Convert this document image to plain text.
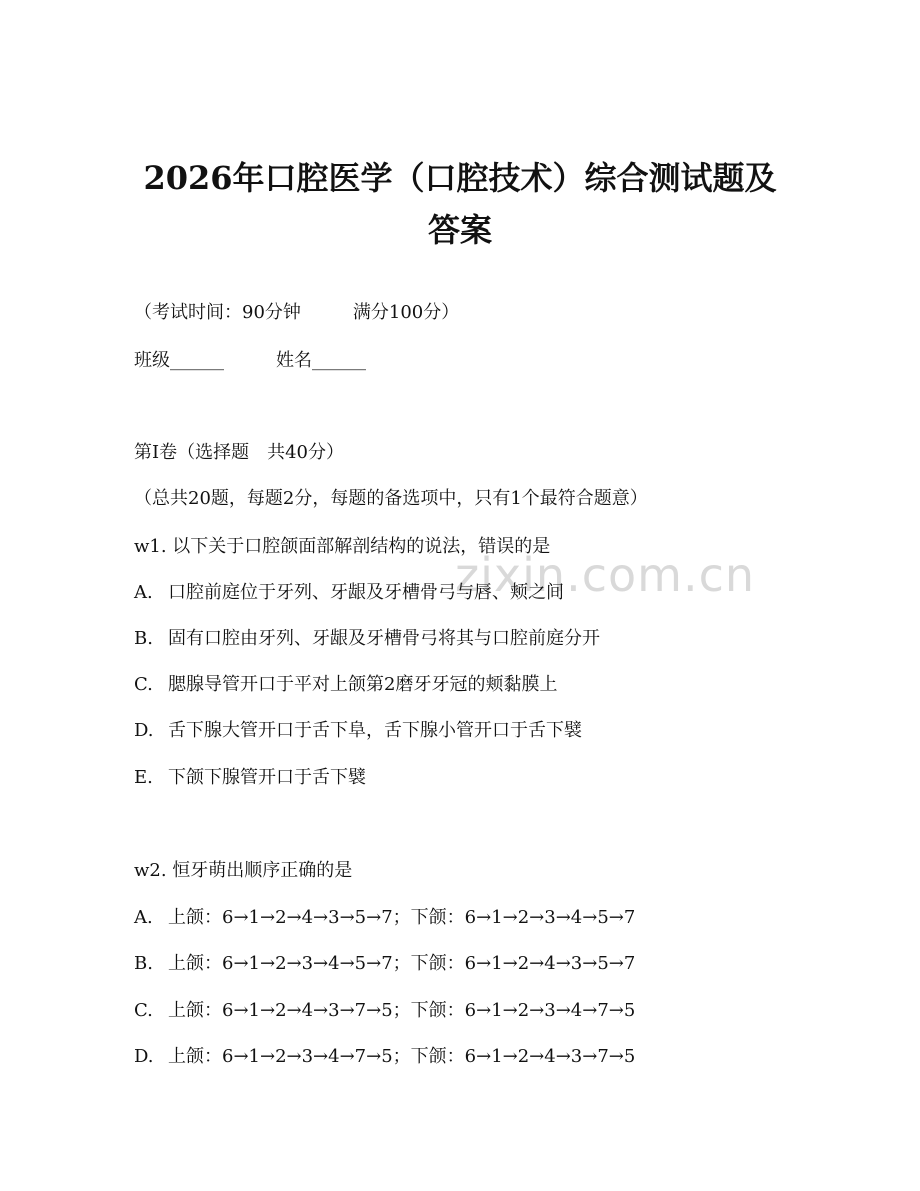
zixin.com.cn
2026年口腔医学（口腔技术）综合测试题及
答案
（考试时间：90分钟	满分100分）
班级______	姓名______
第I卷（选择题　共40分）
（总共20题，每题2分，每题的备选项中，只有1个最符合题意）
w1. 以下关于口腔颌面部解剖结构的说法，错误的是
A. 口腔前庭位于牙列、牙龈及牙槽骨弓与唇、颊之间
B. 固有口腔由牙列、牙龈及牙槽骨弓将其与口腔前庭分开
C. 腮腺导管开口于平对上颌第2磨牙牙冠的颊黏膜上
D. 舌下腺大管开口于舌下阜，舌下腺小管开口于舌下襞
E. 下颌下腺管开口于舌下襞
w2. 恒牙萌出顺序正确的是
A. 上颌：6→1→2→4→3→5→7；下颌：6→1→2→3→4→5→7
B. 上颌：6→1→2→3→4→5→7；下颌：6→1→2→4→3→5→7
C. 上颌：6→1→2→4→3→7→5；下颌：6→1→2→3→4→7→5
D. 上颌：6→1→2→3→4→7→5；下颌：6→1→2→4→3→7→5
